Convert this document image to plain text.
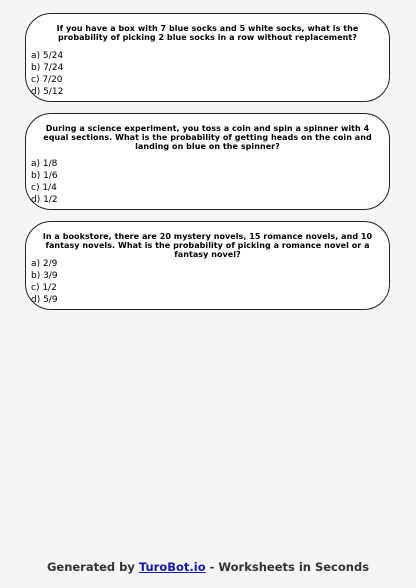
If you have a box with 7 blue socks and 5 white socks, what is the probability of picking 2 blue socks in a row without replacement?

a) 5/24
b) 7/24
c) 7/20
d) 5/12

During a science experiment, you toss a coin and spin a spinner with 4 equal sections. What is the probability of getting heads on the coin and landing on blue on the spinner?

a) 1/8
b) 1/6
c) 1/4
d) 1/2

In a bookstore, there are 20 mystery novels, 15 romance novels, and 10 fantasy novels. What is the probability of picking a romance novel or a fantasy novel?

a) 2/9
b) 3/9
c) 1/2
d) 5/9
Generated by TuroBot.io - Worksheets in Seconds
